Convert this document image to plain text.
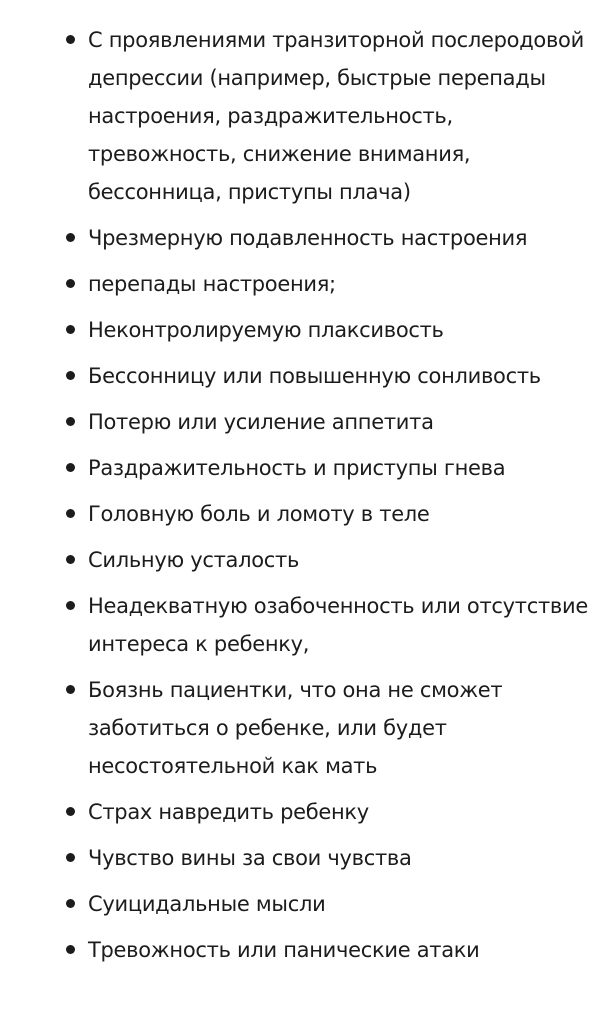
С проявлениями транзиторной послеродовой депрессии (например, быстрые перепады настроения, раздражительность, тревожность, снижение внимания, бессонница, приступы плача)
Чрезмерную подавленность настроения
перепады настроения;
Неконтролируемую плаксивость
Бессонницу или повышенную сонливость
Потерю или усиление аппетита
Раздражительность и приступы гнева
Головную боль и ломоту в теле
Сильную усталость
Неадекватную озабоченность или отсутствие интереса к ребенку,
Боязнь пациентки, что она не сможет заботиться о ребенке, или будет несостоятельной как мать
Страх навредить ребенку
Чувство вины за свои чувства
Суицидальные мысли
Тревожность или панические атаки
